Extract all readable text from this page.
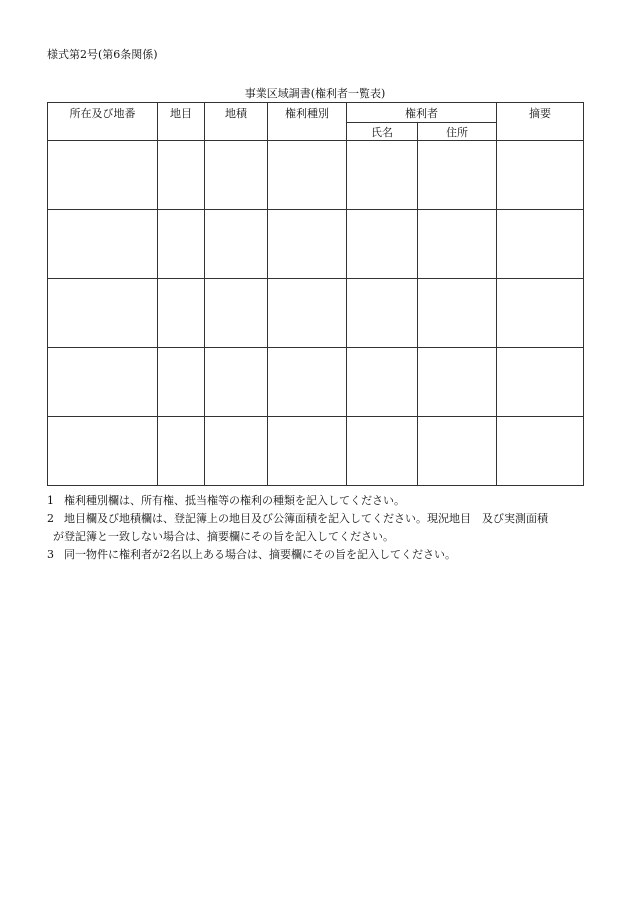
様式第2号(第6条関係)
事業区域調書(権利者一覧表)
所在及び地番	地目	地積	権利種別	権利者		摘要
				氏名	住所	

1 権利種別欄は、所有権、抵当権等の権利の種類を記入してください。
2 地目欄及び地積欄は、登記簿上の地目及び公簿面積を記入してください。現況地目　及び実測面積
が登記簿と一致しない場合は、摘要欄にその旨を記入してください。
3 同一物件に権利者が2名以上ある場合は、摘要欄にその旨を記入してください。
